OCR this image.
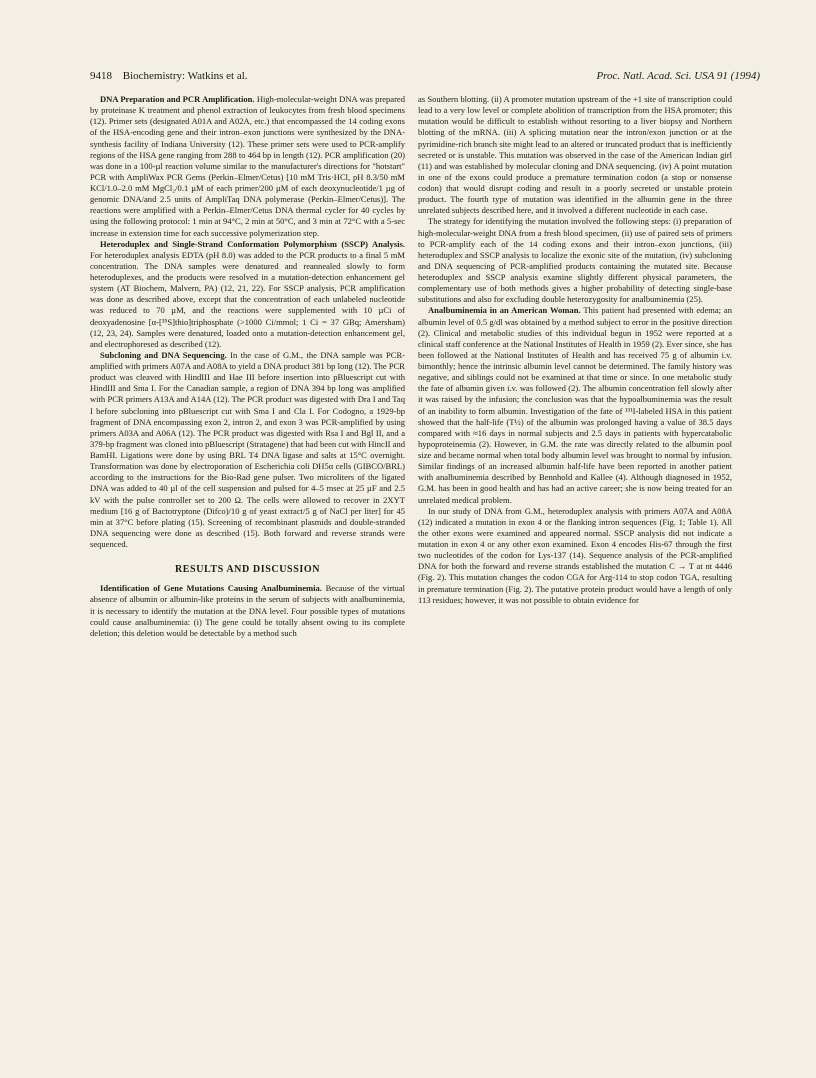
9418 Biochemistry: Watkins et al.	Proc. Natl. Acad. Sci. USA 91 (1994)

DNA Preparation and PCR Amplification. High-molecular-weight DNA was prepared by proteinase K treatment and phenol extraction of leukocytes from fresh blood specimens (12). Primer sets (designated A01A and A02A, etc.) that encompassed the 14 coding exons of the HSA-encoding gene and their intron–exon junctions were synthesized by the DNA-synthesis facility of Indiana University (12). These primer sets were used to PCR-amplify regions of the HSA gene ranging from 288 to 464 bp in length (12). PCR amplification (20) was done in a 100-µl reaction volume similar to the manufacturer's directions for "hotstart" PCR with AmpliWax PCR Gems (Perkin–Elmer/Cetus) [10 mM Tris·HCl, pH 8.3/50 mM KCl/1.0–2.0 mM MgCl₂/0.1 µM of each primer/200 µM of each deoxynucleotide/1 µg of genomic DNA/and 2.5 units of AmpliTaq DNA polymerase (Perkin–Elmer/Cetus)]. The reactions were amplified with a Perkin–Elmer/Cetus DNA thermal cycler for 40 cycles by using the following protocol: 1 min at 94°C, 2 min at 50°C, and 3 min at 72°C with a 5-sec increase in extension time for each successive polymerization step.

Heteroduplex and Single-Strand Conformation Polymorphism (SSCP) Analysis. For heteroduplex analysis EDTA (pH 8.0) was added to the PCR products to a final 5 mM concentration. The DNA samples were denatured and reannealed slowly to form heteroduplexes, and the products were resolved in a mutation-detection enhancement gel system (AT Biochem, Malvern, PA) (12, 21, 22). For SSCP analysis, PCR amplification was done as described above, except that the concentration of each unlabeled nucleotide was reduced to 70 µM, and the reactions were supplemented with 10 µCi of deoxyadenosine [α-[³⁵S]thio]triphosphate (>1000 Ci/mmol; 1 Ci = 37 GBq; Amersham) (12, 23, 24). Samples were denatured, loaded onto a mutation-detection enhancement gel, and electrophoresed as described (12).

Subcloning and DNA Sequencing. In the case of G.M., the DNA sample was PCR-amplified with primers A07A and A08A to yield a DNA product 381 bp long (12). The PCR product was cleaved with HindIII and Hae III before insertion into pBluescript cut with HindIII and Sma I. For the Canadian sample, a region of DNA 394 bp long was amplified with PCR primers A13A and A14A (12). The PCR product was digested with Dra I and Taq I before subcloning into pBluescript cut with Sma I and Cla I. For Codogno, a 1929-bp fragment of DNA encompassing exon 2, intron 2, and exon 3 was PCR-amplified by using primers A03A and A06A (12). The PCR product was digested with Rsa I and Bgl II, and a 379-bp fragment was cloned into pBluescript (Stratagene) that had been cut with HincII and BamHI. Ligations were done by using BRL T4 DNA ligase and salts at 15°C overnight. Transformation was done by electroporation of Escherichia coli DH5α cells (GIBCO/BRL) according to the instructions for the Bio-Rad gene pulser. Two microliters of the ligated DNA was added to 40 µl of the cell suspension and pulsed for 4–5 msec at 25 µF and 2.5 kV with the pulse controller set to 200 Ω. The cells were allowed to recover in 2XYT medium [16 g of Bactotryptone (Difco)/10 g of yeast extract/5 g of NaCl per liter] for 45 min at 37°C before plating (15). Screening of recombinant plasmids and double-stranded DNA sequencing were done as described (15). Both forward and reverse strands were sequenced.

RESULTS AND DISCUSSION

Identification of Gene Mutations Causing Analbuminemia. Because of the virtual absence of albumin or albumin-like proteins in the serum of subjects with analbuminemia, it is necessary to identify the mutation at the DNA level. Four possible types of mutations could cause analbuminemia: (i) The gene could be totally absent owing to its complete deletion; this deletion would be detectable by a method such

as Southern blotting. (ii) A promoter mutation upstream of the +1 site of transcription could lead to a very low level or complete abolition of transcription from the HSA promoter; this mutation would be difficult to establish without resorting to a liver biopsy and Northern blotting of the mRNA. (iii) A splicing mutation near the intron/exon junction or at the pyrimidine-rich branch site might lead to an altered or truncated product that is inefficiently secreted or is unstable. This mutation was observed in the case of the American Indian girl (11) and was established by molecular cloning and DNA sequencing. (iv) A point mutation in one of the exons could produce a premature termination codon (a stop or nonsense codon) that would disrupt coding and result in a poorly secreted or unstable protein product. The fourth type of mutation was identified in the albumin gene in the three unrelated subjects described here, and it involved a different nucleotide in each case.

The strategy for identifying the mutation involved the following steps: (i) preparation of high-molecular-weight DNA from a fresh blood specimen, (ii) use of paired sets of primers to PCR-amplify each of the 14 coding exons and their intron–exon junctions, (iii) heteroduplex and SSCP analysis to localize the exonic site of the mutation, (iv) subcloning and DNA sequencing of PCR-amplified products containing the mutated site. Because heteroduplex and SSCP analysis examine slightly different physical parameters, the complementary use of both methods gives a higher probability of detecting single-base substitutions and also for excluding double heterozygosity for analbuminemia (25).

Analbuminemia in an American Woman. This patient had presented with edema; an albumin level of 0.5 g/dl was obtained by a method subject to error in the positive direction (2). Clinical and metabolic studies of this individual begun in 1952 were reported at a clinical staff conference at the National Institutes of Health in 1959 (2). Ever since, she has been followed at the National Institutes of Health and has received 75 g of albumin i.v. bimonthly; hence the intrinsic albumin level cannot be determined. The family history was negative, and siblings could not be examined at that time or since. In one metabolic study the fate of albumin given i.v. was followed (2). The albumin concentration fell slowly after it was raised by the infusion; the conclusion was that the hypoalbuminemia was the result of an inability to form albumin. Investigation of the fate of ¹³¹I-labeled HSA in this patient showed that the half-life (T½) of the albumin was prolonged having a value of 38.5 days compared with ≈16 days in normal subjects and 2.5 days in patients with hypercatabolic hypoproteinemia (2). However, in G.M. the rate was directly related to the albumin pool size and became normal when total body albumin level was brought to normal by infusion. Similar findings of an increased albumin half-life have been reported in another patient with analbuminemia described by Bennhold and Kallee (4). Although diagnosed in 1952, G.M. has been in good health and has had an active career; she is now being treated for an unrelated medical problem.

In our study of DNA from G.M., heteroduplex analysis with primers A07A and A08A (12) indicated a mutation in exon 4 or the flanking intron sequences (Fig. 1; Table 1). All the other exons were examined and appeared normal. SSCP analysis did not indicate a mutation in exon 4 or any other exon examined. Exon 4 encodes His-67 through the first two nucleotides of the codon for Lys-137 (14). Sequence analysis of the PCR-amplified DNA for both the forward and reverse strands established the mutation C → T at nt 4446 (Fig. 2). This mutation changes the codon CGA for Arg-114 to stop codon TGA, resulting in premature termination (Fig. 2). The putative protein product would have a length of only 113 residues; however, it was not possible to obtain evidence for
